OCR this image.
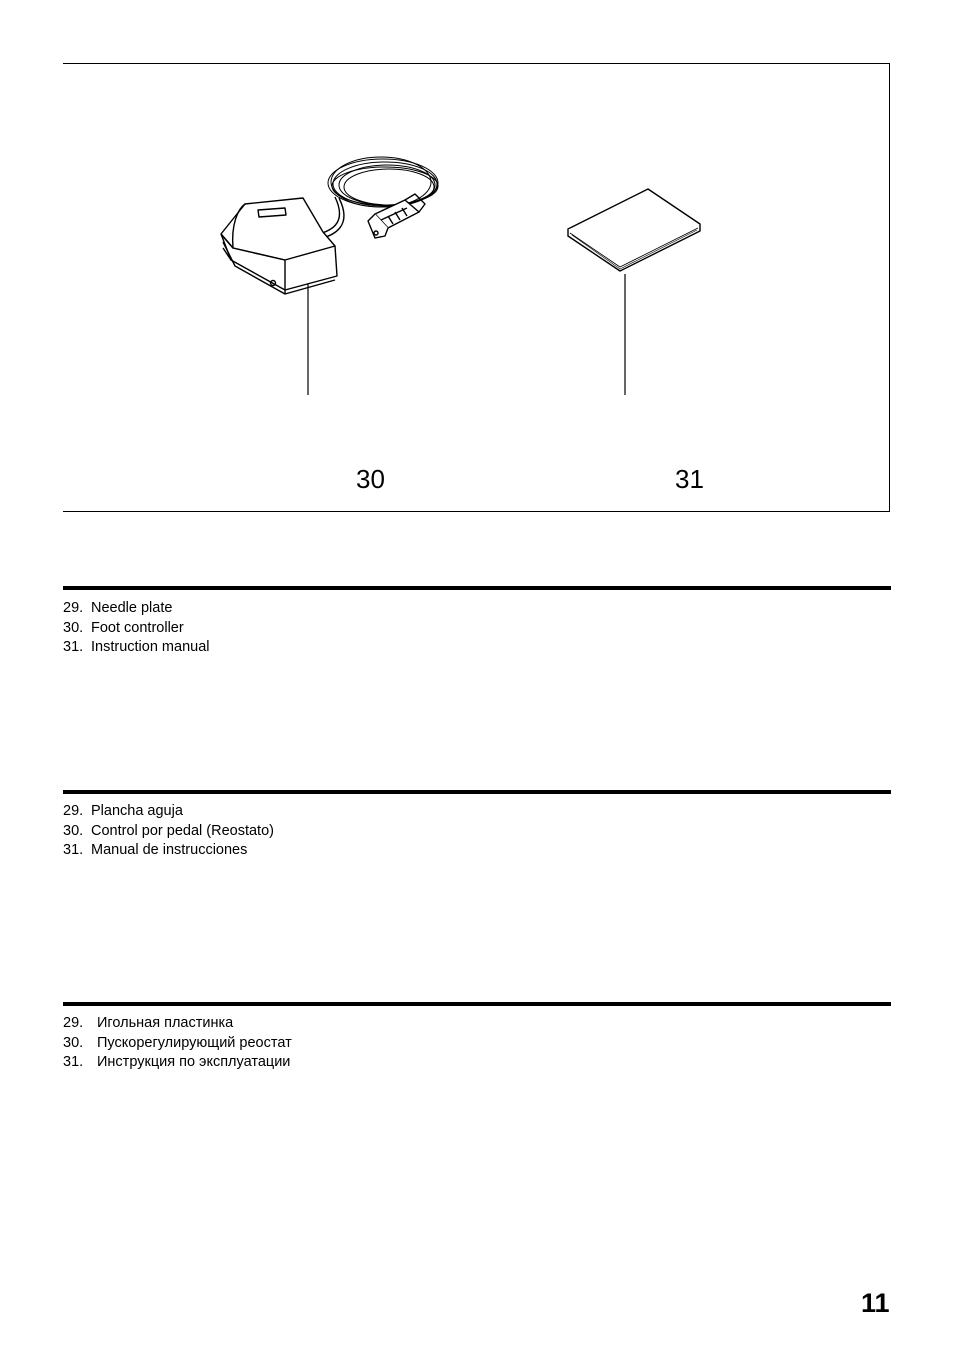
30	31
29. Needle plate
30. Foot controller
31. Instruction manual
29. Plancha aguja
30. Control por pedal (Reostato)
31. Manual de instrucciones
29. Игольная пластинка
30. Пускорегулирующий реостат
31. Инструкция по эксплуатации
11
